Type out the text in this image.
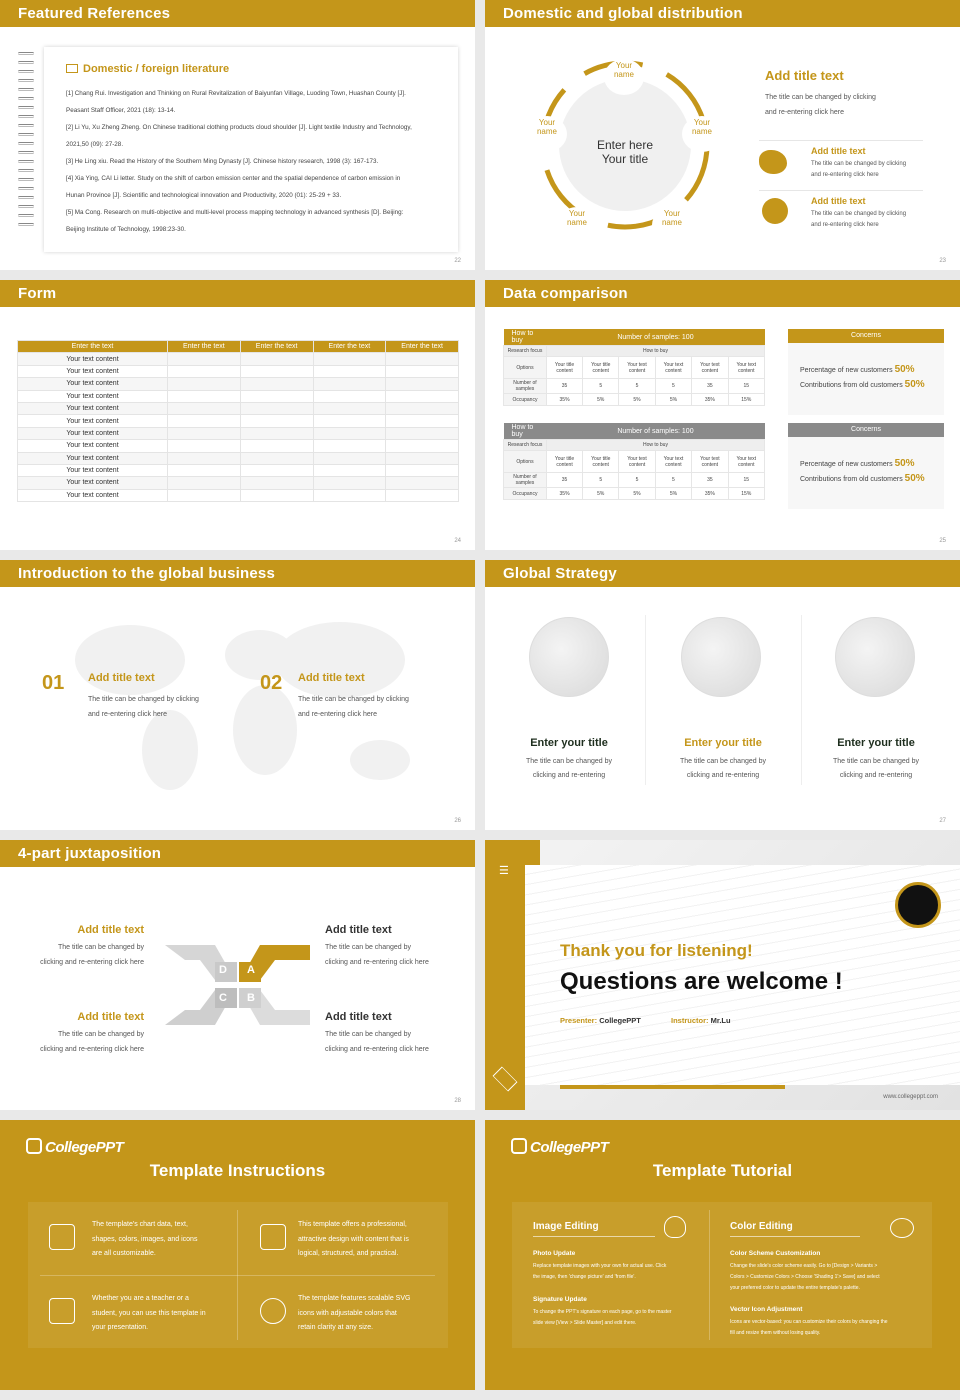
Featured References
Domestic / foreign literature

[1] Chang Rui. Investigation and Thinking on Rural Revitalization of Baiyunfan Village, Luoding Town, Huashan County [J].

Peasant Staff Officer, 2021 (18): 13-14.

[2] Li Yu, Xu Zheng Zheng. On Chinese traditional clothing products cloud shoulder [J]. Light textile Industry and Technology,

2021,50 (09): 27-28.

[3] He Ling xiu. Read the History of the Southern Ming Dynasty [J]. Chinese history research, 1998 (3): 167-173.

[4] Xia Ying, CAI Li letter. Study on the shift of carbon emission center and the spatial dependence of carbon emission in

Hunan Province [J]. Scientific and technological innovation and Productivity, 2020 (01): 25-29 + 33.

[5] Ma Cong. Research on multi-objective and multi-level process mapping technology in advanced synthesis [D]. Beijing:

Beijing Institute of Technology, 1998:23-30.

22
Domestic and global distribution
Enter here
Your title
Your
name
Your
name
Your
name
Your
name
Your
name
Add title text
The title can be changed by clicking
and re-entering click here
Add title text
The title can be changed by clicking
and re-entering click here
Add title text
The title can be changed by clicking
and re-entering click here
23
Form
Enter the text	Enter the text	Enter the text	Enter the text	Enter the text
Your text content				
Your text content				
Your text content				
Your text content				
Your text content				
Your text content				
Your text content				
Your text content				
Your text content				
Your text content				
Your text content				
Your text content				
24
Data comparison
How to buy	Number of samples: 100					
Research focus	How to buy					
Options	Your title content	Your title content	Your text content	Your text content	Your text content	Your text content
Number of samples	35	5	5	5	35	15
Occupancy	35%	5%	5%	5%	35%	15%
How to buy	Number of samples: 100					
Research focus	How to buy					
Options	Your title content	Your title content	Your text content	Your text content	Your text content	Your text content
Number of samples	35	5	5	5	35	15
Occupancy	35%	5%	5%	5%	35%	15%
Concerns

Percentage of new customers 50%

Contributions from old customers 50%

Concerns

Percentage of new customers 50%

Contributions from old customers 50%

25
Introduction to the global business
01 Add title text
The title can be changed by clicking
and re-entering click here
02 Add title text
The title can be changed by clicking
and re-entering click here
26
Global Strategy
Enter your title
The title can be changed by
clicking and re-entering
Enter your title
The title can be changed by
clicking and re-entering
Enter your title
The title can be changed by
clicking and re-entering
27
4-part juxtaposition
D A
C B
Add title text
The title can be changed by
clicking and re-entering click here
Add title text
The title can be changed by
clicking and re-entering click here
Add title text
The title can be changed by
clicking and re-entering click here
Add title text
The title can be changed by
clicking and re-entering click here
28
☰
Thank you for listening!
Questions are welcome !
Presenter: CollegePPT	Instructor: Mr.Lu
www.collegeppt.com
CollegePPT
Template Instructions
The template's chart data, text,
shapes, colors, images, and icons
are all customizable.
This template offers a professional,
attractive design with content that is
logical, structured, and practical.
Whether you are a teacher or a
student, you can use this template in
your presentation.
The template features scalable SVG
icons with adjustable colors that
retain clarity at any size.
CollegePPT
Template Tutorial
Image Editing	Color Editing
Photo Update
Replace template images with your own for actual use. Click
the image, then 'change picture' and 'from file'.
Signature Update
To change the PPT's signature on each page, go to the master
slide view [View > Slide Master] and edit there.
Color Scheme Customization
Change the slide's color scheme easily. Go to [Design > Variants >
Colors > Customize Colors > Choose 'Shading 1'> Save] and select
your preferred color to update the entire template's palette.
Vector Icon Adjustment
Icons are vector-based: you can customize their colors by changing the
fill and resize them without losing quality.
